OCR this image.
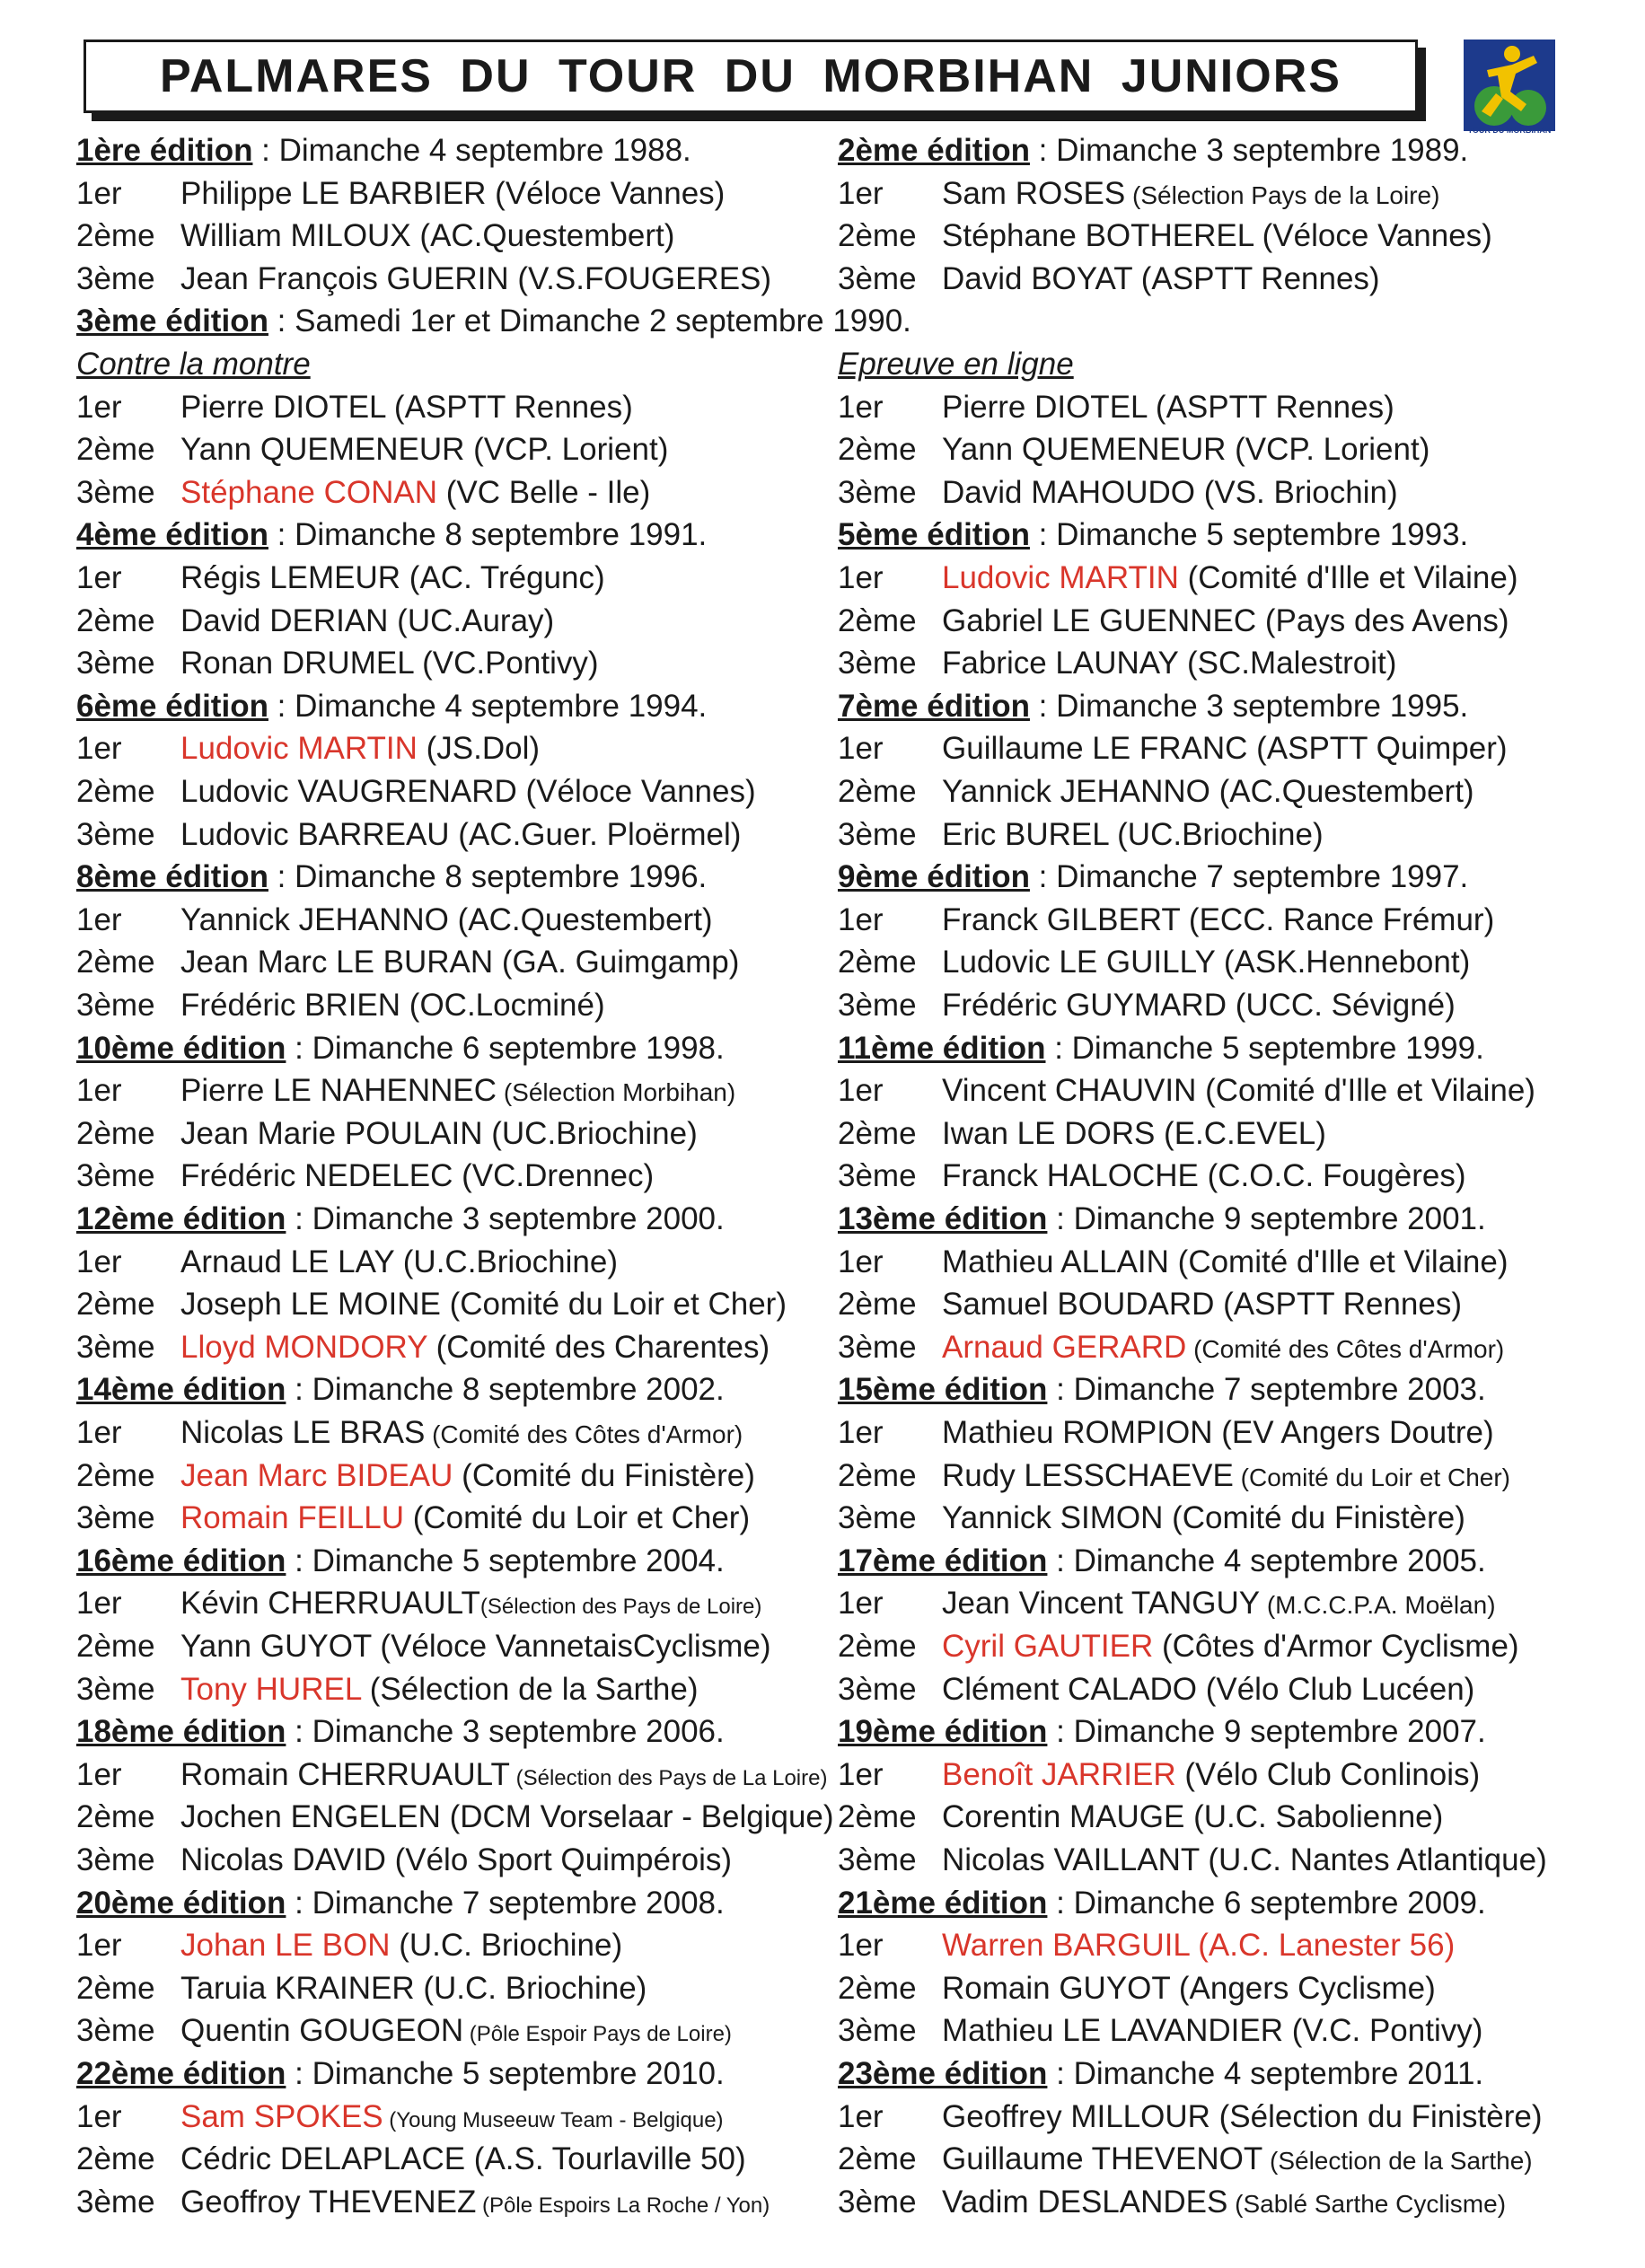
PALMARES DU TOUR DU MORBIHAN JUNIORS
TOUR DU MORBIHAN
1ère édition : Dimanche 4 septembre 1988.
1er Philippe LE BARBIER (Véloce Vannes)
2ème William MILOUX (AC.Questembert)
3ème Jean François GUERIN (V.S.FOUGERES)
2ème édition : Dimanche 3 septembre 1989.
1er Sam ROSES (Sélection Pays de la Loire)
2ème Stéphane BOTHEREL (Véloce Vannes)
3ème David BOYAT (ASPTT Rennes)
3ème édition : Samedi 1er et Dimanche 2 septembre 1990.
Contre la montre	Epreuve en ligne
1er Pierre DIOTEL (ASPTT Rennes)
2ème Yann QUEMENEUR (VCP. Lorient)
3ème Stéphane CONAN (VC Belle - Ile)
1er Pierre DIOTEL (ASPTT Rennes)
2ème Yann QUEMENEUR (VCP. Lorient)
3ème David MAHOUDO (VS. Briochin)
4ème édition : Dimanche 8 septembre 1991.
1er Régis LEMEUR (AC. Trégunc)
2ème David DERIAN (UC.Auray)
3ème Ronan DRUMEL (VC.Pontivy)
5ème édition : Dimanche 5 septembre 1993.
1er Ludovic MARTIN (Comité d'Ille et Vilaine)
2ème Gabriel LE GUENNEC (Pays des Avens)
3ème Fabrice LAUNAY (SC.Malestroit)
6ème édition : Dimanche 4 septembre 1994.
1er Ludovic MARTIN (JS.Dol)
2ème Ludovic VAUGRENARD (Véloce Vannes)
3ème Ludovic BARREAU (AC.Guer. Ploërmel)
7ème édition : Dimanche 3 septembre 1995.
1er Guillaume LE FRANC (ASPTT Quimper)
2ème Yannick JEHANNO (AC.Questembert)
3ème Eric BUREL (UC.Briochine)
8ème édition : Dimanche 8 septembre 1996.
1er Yannick JEHANNO (AC.Questembert)
2ème Jean Marc LE BURAN (GA. Guimgamp)
3ème Frédéric BRIEN (OC.Locminé)
9ème édition : Dimanche 7 septembre 1997.
1er Franck GILBERT (ECC. Rance Frémur)
2ème Ludovic LE GUILLY (ASK.Hennebont)
3ème Frédéric GUYMARD (UCC. Sévigné)
10ème édition : Dimanche 6 septembre 1998.
1er Pierre LE NAHENNEC (Sélection Morbihan)
2ème Jean Marie POULAIN (UC.Briochine)
3ème Frédéric NEDELEC (VC.Drennec)
11ème édition : Dimanche 5 septembre 1999.
1er Vincent CHAUVIN (Comité d'Ille et Vilaine)
2ème Iwan LE DORS (E.C.EVEL)
3ème Franck HALOCHE (C.O.C. Fougères)
12ème édition : Dimanche 3 septembre 2000.
1er Arnaud LE LAY (U.C.Briochine)
2ème Joseph LE MOINE (Comité du Loir et Cher)
3ème Lloyd MONDORY (Comité des Charentes)
13ème édition : Dimanche 9 septembre 2001.
1er Mathieu ALLAIN (Comité d'Ille et Vilaine)
2ème Samuel BOUDARD (ASPTT Rennes)
3ème Arnaud GERARD (Comité des Côtes d'Armor)
14ème édition : Dimanche 8 septembre 2002.
1er Nicolas LE BRAS (Comité des Côtes d'Armor)
2ème Jean Marc BIDEAU (Comité du Finistère)
3ème Romain FEILLU (Comité du Loir et Cher)
15ème édition : Dimanche 7 septembre 2003.
1er Mathieu ROMPION (EV Angers Doutre)
2ème Rudy LESSCHAEVE (Comité du Loir et Cher)
3ème Yannick SIMON (Comité du Finistère)
16ème édition : Dimanche 5 septembre 2004.
1er Kévin CHERRUAULT(Sélection des Pays de Loire)
2ème Yann GUYOT (Véloce VannetaisCyclisme)
3ème Tony HUREL (Sélection de la Sarthe)
17ème édition : Dimanche 4 septembre 2005.
1er Jean Vincent TANGUY (M.C.C.P.A. Moëlan)
2ème Cyril GAUTIER (Côtes d'Armor Cyclisme)
3ème Clément CALADO (Vélo Club Lucéen)
18ème édition : Dimanche 3 septembre 2006.
1er Romain CHERRUAULT (Sélection des Pays de La Loire)
2ème Jochen ENGELEN (DCM Vorselaar - Belgique)
3ème Nicolas DAVID (Vélo Sport Quimpérois)
19ème édition : Dimanche 9 septembre 2007.
1er Benoît JARRIER (Vélo Club Conlinois)
2ème Corentin MAUGE (U.C. Sabolienne)
3ème Nicolas VAILLANT (U.C. Nantes Atlantique)
20ème édition : Dimanche 7 septembre 2008.
1er Johan LE BON (U.C. Briochine)
2ème Taruia KRAINER (U.C. Briochine)
3ème Quentin GOUGEON (Pôle Espoir Pays de Loire)
21ème édition : Dimanche 6 septembre 2009.
1er Warren BARGUIL (A.C. Lanester 56)
2ème Romain GUYOT (Angers Cyclisme)
3ème Mathieu LE LAVANDIER (V.C. Pontivy)
22ème édition : Dimanche 5 septembre 2010.
1er Sam SPOKES (Young Museeuw Team - Belgique)
2ème Cédric DELAPLACE (A.S. Tourlaville 50)
3ème Geoffroy THEVENEZ (Pôle Espoirs La Roche / Yon)
23ème édition : Dimanche 4 septembre 2011.
1er Geoffrey MILLOUR (Sélection du Finistère)
2ème Guillaume THEVENOT (Sélection de la Sarthe)
3ème Vadim DESLANDES (Sablé Sarthe Cyclisme)
